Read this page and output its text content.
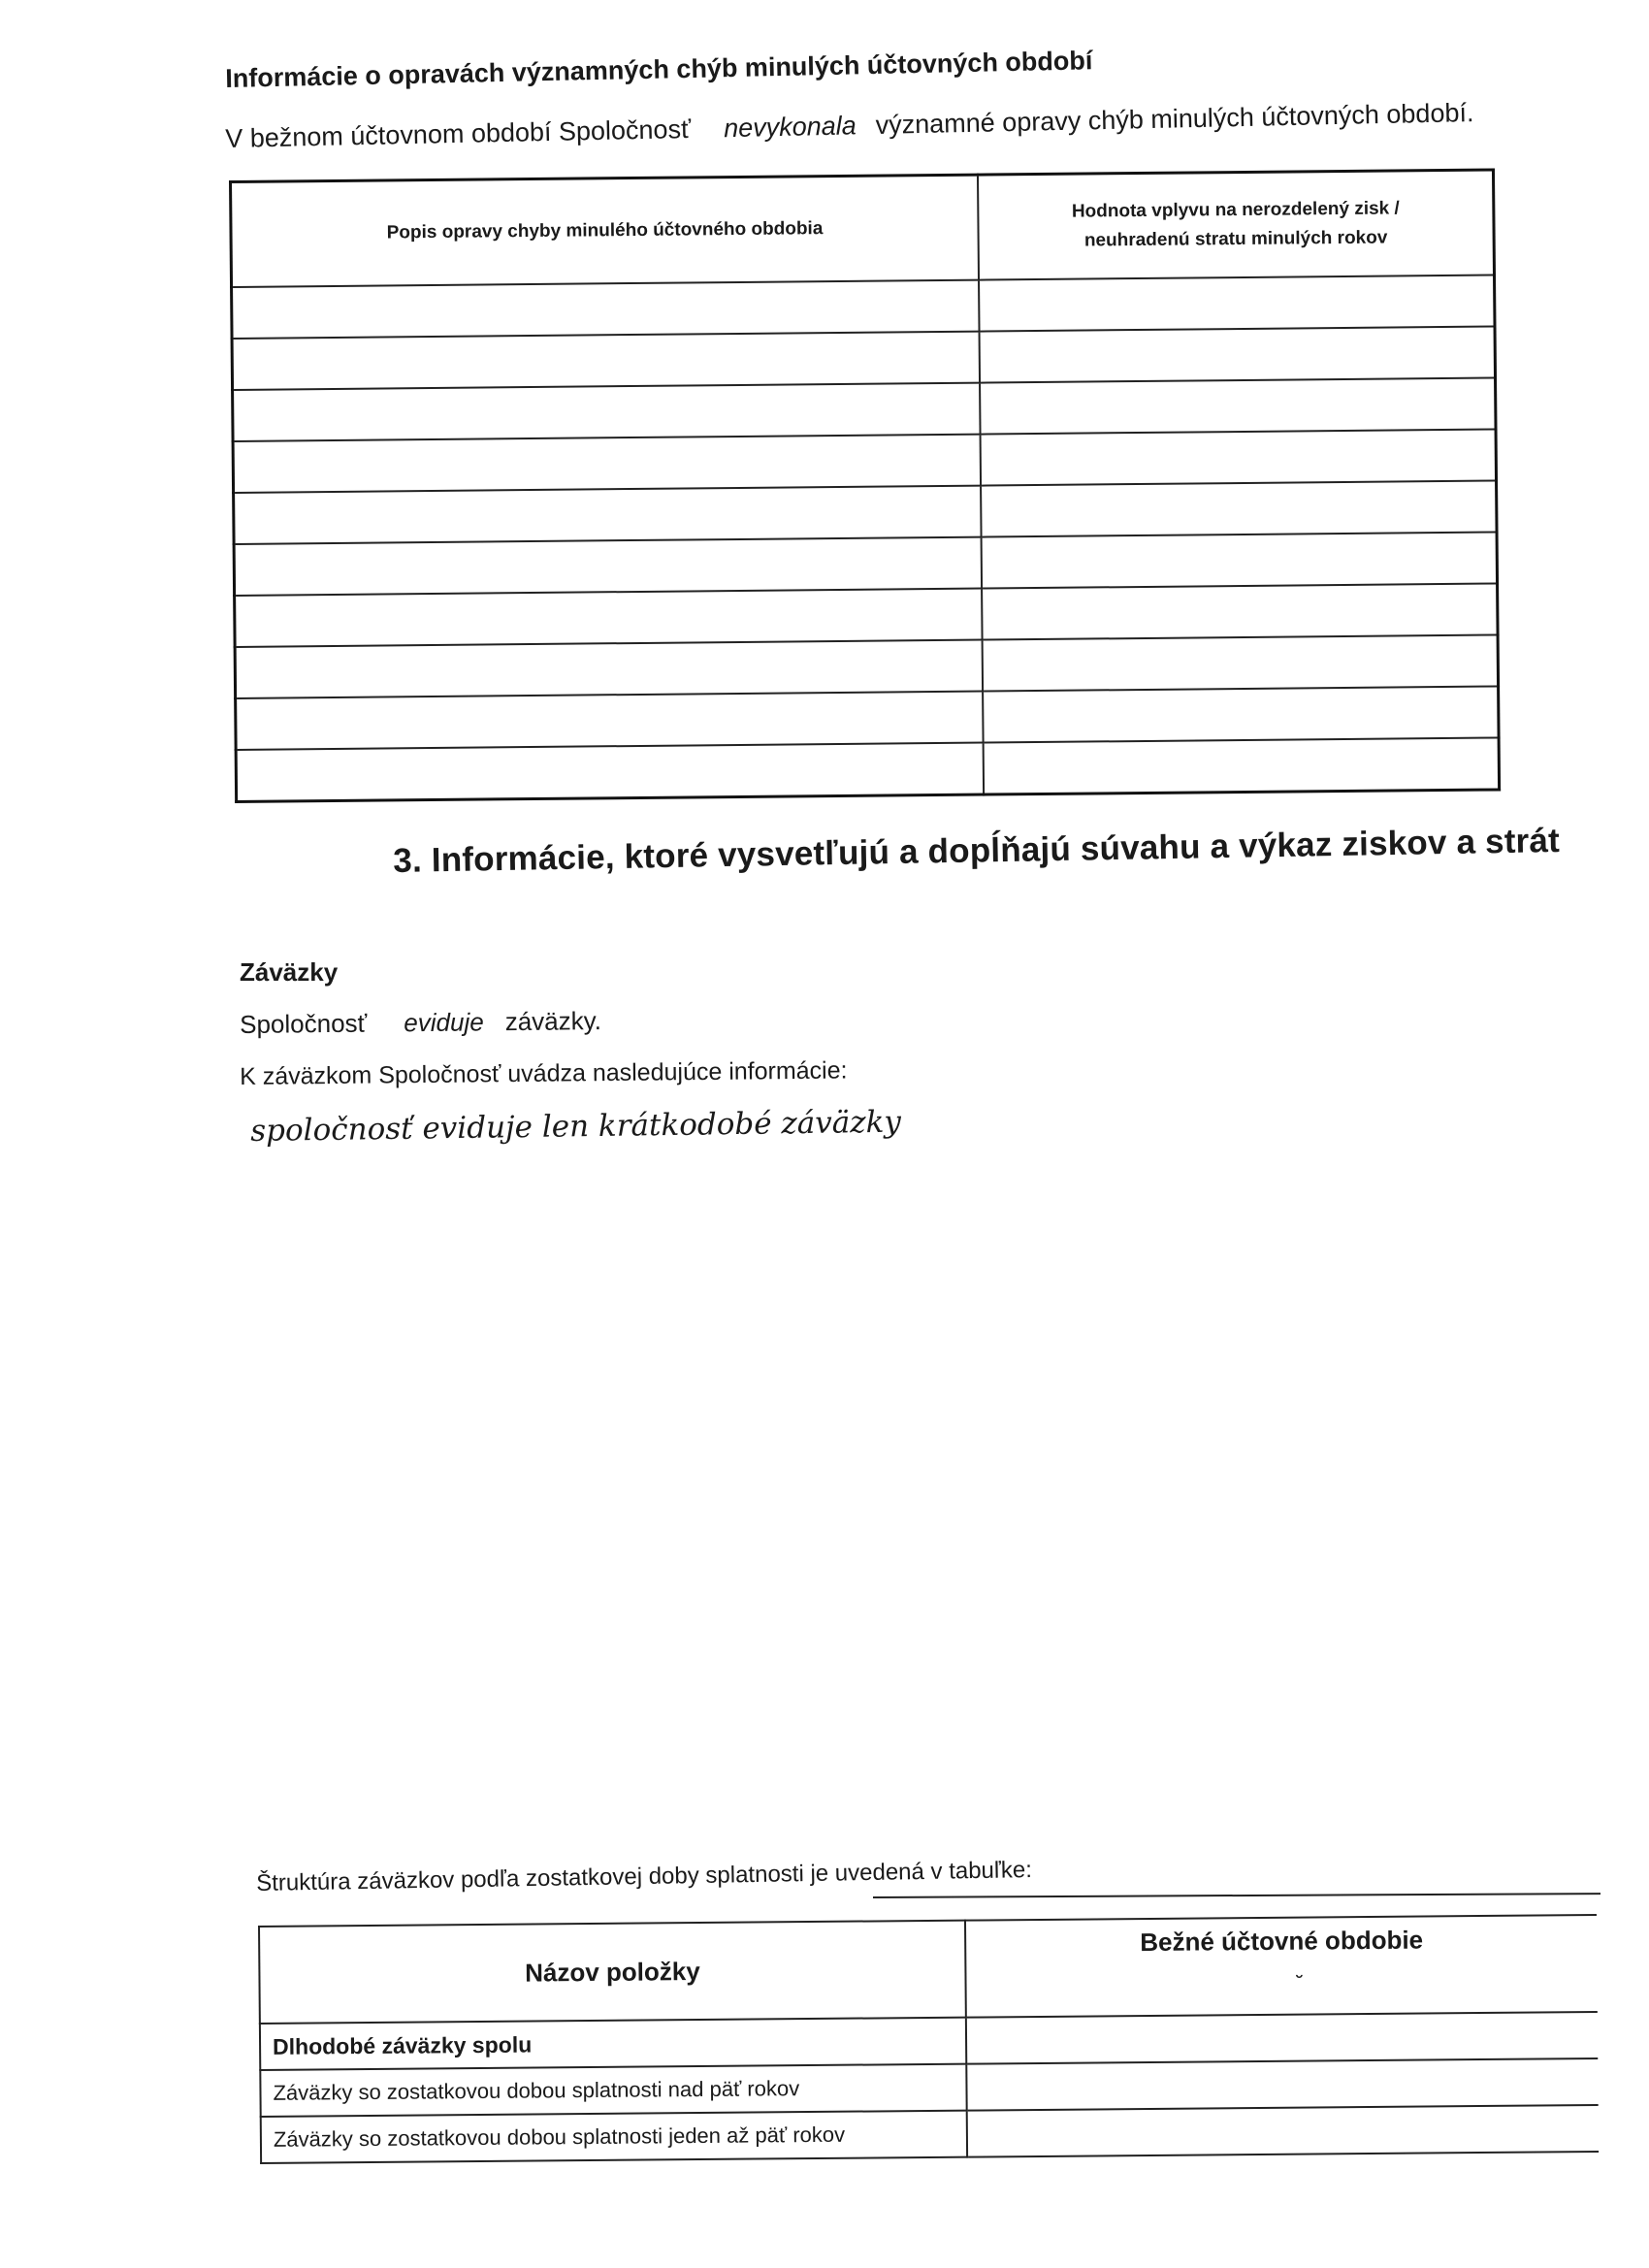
Informácie o opravách významných chýb minulých účtovných období
V bežnom účtovnom období Spoločnosť nevykonala významné opravy chýb minulých účtovných období.
Popis opravy chyby minulého účtovného obdobia	Hodnota vplyvu na nerozdelený zisk / neuhradenú stratu minulých rokov

3. Informácie, ktoré vysvetľujú a dopĺňajú súvahu a výkaz ziskov a strát
Záväzky
Spoločnosť eviduje záväzky.
K záväzkom Spoločnosť uvádza nasledujúce informácie:
spoločnosť eviduje len krátkodobé záväzky
Štruktúra záväzkov podľa zostatkovej doby splatnosti je uvedená v tabuľke:
Názov položky	Bežné účtovné obdobie
˘

Dlhodobé záväzky spolu	
Záväzky so zostatkovou dobou splatnosti nad päť rokov	
Záväzky so zostatkovou dobou splatnosti jeden až päť rokov	
